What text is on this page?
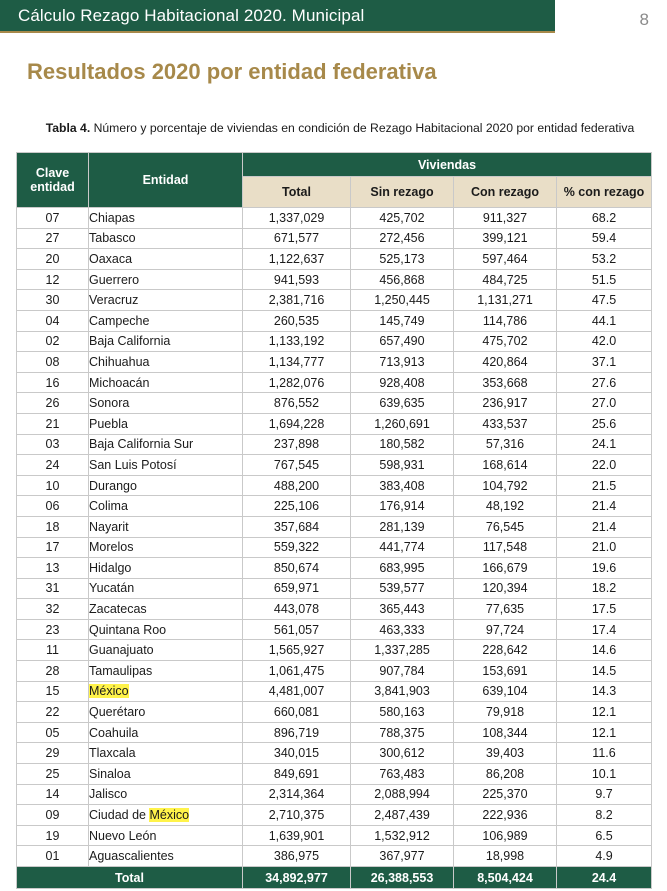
Cálculo Rezago Habitacional 2020. Municipal	8
Resultados 2020 por entidad federativa
Tabla 4. Número y porcentaje de viviendas en condición de Rezago Habitacional 2020 por entidad federativa
Clave entidad	Entidad	Viviendas			
		Total	Sin rezago	Con rezago	% con rezago
07	Chiapas	1,337,029	425,702	911,327	68.2
27	Tabasco	671,577	272,456	399,121	59.4
20	Oaxaca	1,122,637	525,173	597,464	53.2
12	Guerrero	941,593	456,868	484,725	51.5
30	Veracruz	2,381,716	1,250,445	1,131,271	47.5
04	Campeche	260,535	145,749	114,786	44.1
02	Baja California	1,133,192	657,490	475,702	42.0
08	Chihuahua	1,134,777	713,913	420,864	37.1
16	Michoacán	1,282,076	928,408	353,668	27.6
26	Sonora	876,552	639,635	236,917	27.0
21	Puebla	1,694,228	1,260,691	433,537	25.6
03	Baja California Sur	237,898	180,582	57,316	24.1
24	San Luis Potosí	767,545	598,931	168,614	22.0
10	Durango	488,200	383,408	104,792	21.5
06	Colima	225,106	176,914	48,192	21.4
18	Nayarit	357,684	281,139	76,545	21.4
17	Morelos	559,322	441,774	117,548	21.0
13	Hidalgo	850,674	683,995	166,679	19.6
31	Yucatán	659,971	539,577	120,394	18.2
32	Zacatecas	443,078	365,443	77,635	17.5
23	Quintana Roo	561,057	463,333	97,724	17.4
11	Guanajuato	1,565,927	1,337,285	228,642	14.6
28	Tamaulipas	1,061,475	907,784	153,691	14.5
15	México	4,481,007	3,841,903	639,104	14.3
22	Querétaro	660,081	580,163	79,918	12.1
05	Coahuila	896,719	788,375	108,344	12.1
29	Tlaxcala	340,015	300,612	39,403	11.6
25	Sinaloa	849,691	763,483	86,208	10.1
14	Jalisco	2,314,364	2,088,994	225,370	9.7
09	Ciudad de México	2,710,375	2,487,439	222,936	8.2
19	Nuevo León	1,639,901	1,532,912	106,989	6.5
01	Aguascalientes	386,975	367,977	18,998	4.9
Total		34,892,977	26,388,553	8,504,424	24.4
